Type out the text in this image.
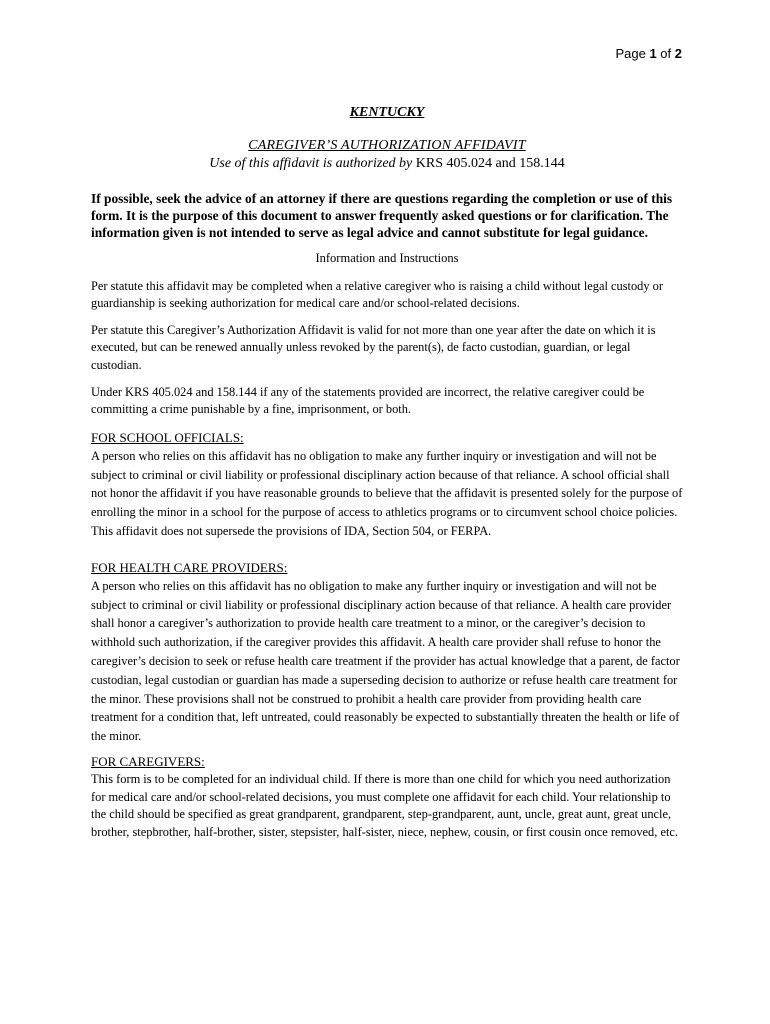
Page 1 of 2

KENTUCKY

CAREGIVER’S AUTHORIZATION AFFIDAVIT

Use of this affidavit is authorized by KRS 405.024 and 158.144

If possible, seek the advice of an attorney if there are questions regarding the completion or use of this form. It is the purpose of this document to answer frequently asked questions or for clarification. The information given is not intended to serve as legal advice and cannot substitute for legal guidance.

Information and Instructions

Per statute this affidavit may be completed when a relative caregiver who is raising a child without legal custody or guardianship is seeking authorization for medical care and/or school-related decisions.

Per statute this Caregiver’s Authorization Affidavit is valid for not more than one year after the date on which it is executed, but can be renewed annually unless revoked by the parent(s), de facto custodian, guardian, or legal custodian.

Under KRS 405.024 and 158.144 if any of the statements provided are incorrect, the relative caregiver could be committing a crime punishable by a fine, imprisonment, or both.

FOR SCHOOL OFFICIALS:

A person who relies on this affidavit has no obligation to make any further inquiry or investigation and will not be subject to criminal or civil liability or professional disciplinary action because of that reliance. A school official shall not honor the affidavit if you have reasonable grounds to believe that the affidavit is presented solely for the purpose of enrolling the minor in a school for the purpose of access to athletics programs or to circumvent school choice policies. This affidavit does not supersede the provisions of IDA, Section 504, or FERPA.

FOR HEALTH CARE PROVIDERS:

A person who relies on this affidavit has no obligation to make any further inquiry or investigation and will not be subject to criminal or civil liability or professional disciplinary action because of that reliance. A health care provider shall honor a caregiver’s authorization to provide health care treatment to a minor, or the caregiver’s decision to withhold such authorization, if the caregiver provides this affidavit. A health care provider shall refuse to honor the caregiver’s decision to seek or refuse health care treatment if the provider has actual knowledge that a parent, de factor custodian, legal custodian or guardian has made a superseding decision to authorize or refuse health care treatment for the minor. These provisions shall not be construed to prohibit a health care provider from providing health care treatment for a condition that, left untreated, could reasonably be expected to substantially threaten the health or life of the minor.

FOR CAREGIVERS:

This form is to be completed for an individual child. If there is more than one child for which you need authorization for medical care and/or school-related decisions, you must complete one affidavit for each child. Your relationship to the child should be specified as great grandparent, grandparent, step-grandparent, aunt, uncle, great aunt, great uncle, brother, stepbrother, half-brother, sister, stepsister, half-sister, niece, nephew, cousin, or first cousin once removed, etc.
